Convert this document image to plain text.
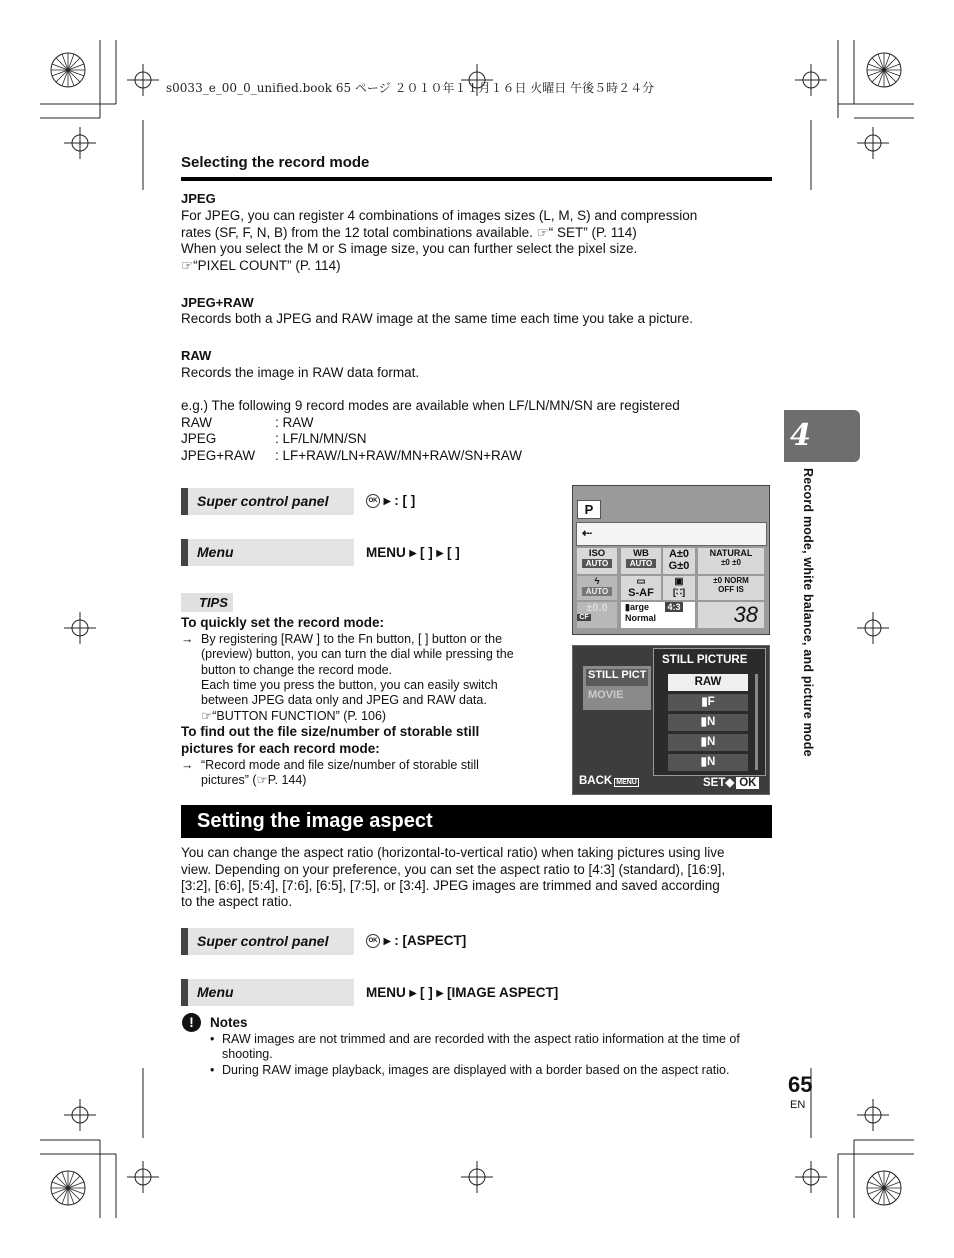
s0033_e_00_0_unified.book 65 ページ ２０１０年１１月１６日 火曜日 午後５時２４分
Selecting the record mode
JPEG
For JPEG, you can register 4 combinations of images sizes (L, M, S) and compression
rates (SF, F, N, B) from the 12 total combinations available. ☞“ SET” (P. 114)
When you select the M or S image size, you can further select the pixel size.
☞“PIXEL COUNT” (P. 114)
JPEG+RAW
Records both a JPEG and RAW image at the same time each time you take a picture.
RAW
Records the image in RAW data format.
e.g.) The following 9 record modes are available when LF/LN/MN/SN are registered
RAW	: RAW
JPEG	: LF/LN/MN/SN
JPEG+RAW : LF+RAW/LN+RAW/MN+RAW/SN+RAW
Super control panel	OK ▸ : [ ]
Menu	MENU ▸ [ ] ▸ [ ]
TIPS
To quickly set the record mode:
→ By registering [RAW ] to the Fn button, [ ] button or the
(preview) button, you can turn the dial while pressing the
button to change the record mode.
Each time you press the button, you can easily switch
between JPEG data only and JPEG and RAW data.
☞“BUTTON FUNCTION” (P. 106)
To find out the file size/number of storable still
pictures for each record mode:
→ “Record mode and file size/number of storable still
pictures” (☞P. 144)
P
⇠
ISO
AUTO
WB
AUTO
A±0
G±0
NATURAL
±0 ±0
ϟ
AUTO
▭
S-AF
▣
[∷]
±0 NORM
OFF IS
±0.0
CF
▮arge 4:3
Normal	38
STILL PICT
MOVIE
STILL PICTURE
RAW
▮F
▮N
▮N
▮N
BACK MENU	SET◆ OK
Setting the image aspect
You can change the aspect ratio (horizontal-to-vertical ratio) when taking pictures using live
view. Depending on your preference, you can set the aspect ratio to [4:3] (standard), [16:9],
[3:2], [6:6], [5:4], [7:6], [6:5], [7:5], or [3:4]. JPEG images are trimmed and saved according
to the aspect ratio.
Super control panel	OK ▸ : [ASPECT]
Menu	MENU ▸ [ ] ▸ [IMAGE ASPECT]
!	Notes
• RAW images are not trimmed and are recorded with the aspect ratio information at the time of
shooting.
• During RAW image playback, images are displayed with a border based on the aspect ratio.
4
Record mode, white balance, and picture mode
65
EN
